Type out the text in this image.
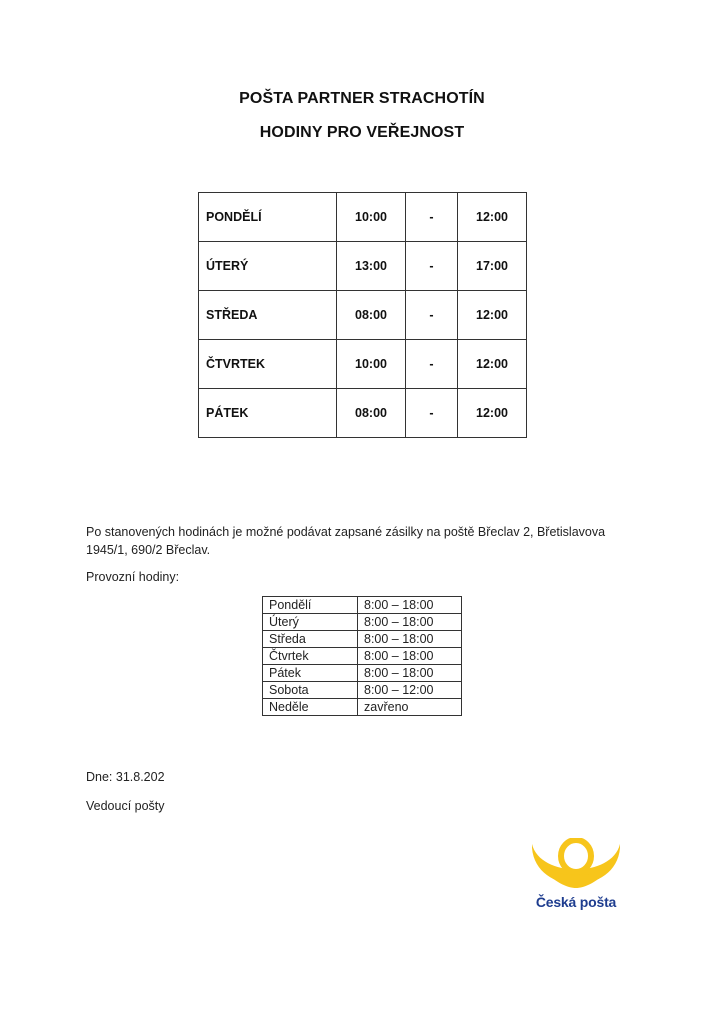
POŠTA PARTNER STRACHOTÍN
HODINY PRO VEŘEJNOST
PONDĚLÍ	10:00	-	12:00
ÚTERÝ	13:00	-	17:00
STŘEDA	08:00	-	12:00
ČTVRTEK	10:00	-	12:00
PÁTEK	08:00	-	12:00
Po stanovených hodinách je možné podávat zapsané zásilky na poště Břeclav 2, Břetislavova 1945/1, 690/2 Břeclav.
Provozní hodiny:
Pondělí	8:00 – 18:00
Úterý	8:00 – 18:00
Středa	8:00 – 18:00
Čtvrtek	8:00 – 18:00
Pátek	8:00 – 18:00
Sobota	8:00 – 12:00
Neděle	zavřeno
Dne: 31.8.202
Vedoucí pošty
Česká pošta
